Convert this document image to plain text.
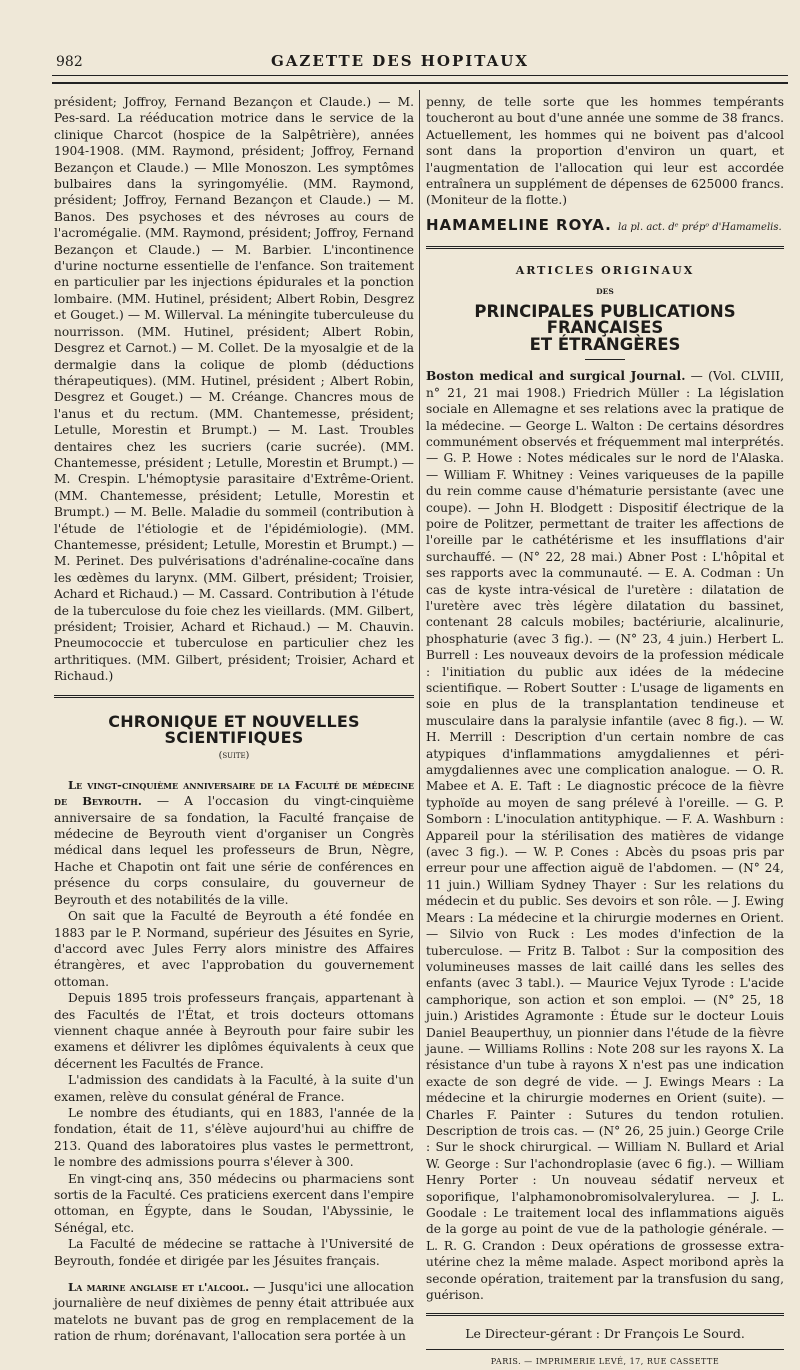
982	GAZETTE DES HOPITAUX

président; Joffroy, Fernand Bezançon et Claude.) — M. Pes-sard. La rééducation motrice dans le service de la clinique Charcot (hospice de la Salpêtrière), années 1904-1908. (MM. Raymond, président; Joffroy, Fernand Bezançon et Claude.) — Mlle Monoszon. Les symptômes bulbaires dans la syringomyélie. (MM. Raymond, président; Joffroy, Fernand Bezançon et Claude.) — M. Banos. Des psychoses et des névroses au cours de l'acromégalie. (MM. Raymond, président; Joffroy, Fernand Bezançon et Claude.) — M. Barbier. L'incontinence d'urine nocturne essentielle de l'enfance. Son traitement en particulier par les injections épidurales et la ponction lombaire. (MM. Hutinel, président; Albert Robin, Desgrez et Gouget.) — M. Willerval. La méningite tuberculeuse du nourrisson. (MM. Hutinel, président; Albert Robin, Desgrez et Carnot.) — M. Collet. De la myosalgie et de la dermalgie dans la colique de plomb (déductions thérapeutiques). (MM. Hutinel, président ; Albert Robin, Desgrez et Gouget.) — M. Créange. Chancres mous de l'anus et du rectum. (MM. Chantemesse, président; Letulle, Morestin et Brumpt.) — M. Last. Troubles dentaires chez les sucriers (carie sucrée). (MM. Chantemesse, président ; Letulle, Morestin et Brumpt.) — M. Crespin. L'hémoptysie parasitaire d'Extrême-Orient. (MM. Chantemesse, président; Letulle, Morestin et Brumpt.) — M. Belle. Maladie du sommeil (contribution à l'étude de l'étiologie et de l'épidémiologie). (MM. Chantemesse, président; Letulle, Morestin et Brumpt.) — M. Perinet. Des pulvérisations d'adrénaline-cocaïne dans les œdèmes du larynx. (MM. Gilbert, président; Troisier, Achard et Richaud.) — M. Cassard. Contribution à l'étude de la tuberculose du foie chez les vieillards. (MM. Gilbert, président; Troisier, Achard et Richaud.) — M. Chauvin. Pneumococcie et tuberculose en particulier chez les arthritiques. (MM. Gilbert, président; Troisier, Achard et Richaud.)

CHRONIQUE ET NOUVELLES SCIENTIFIQUES
(suite)

Le vingt-cinquième anniversaire de la Faculté de médecine de Beyrouth. — A l'occasion du vingt-cinquième anniversaire de sa fondation, la Faculté française de médecine de Beyrouth vient d'organiser un Congrès médical dans lequel les professeurs de Brun, Nègre, Hache et Chapotin ont fait une série de conférences en présence du corps consulaire, du gouverneur de Beyrouth et des notabilités de la ville.

On sait que la Faculté de Beyrouth a été fondée en 1883 par le P. Normand, supérieur des Jésuites en Syrie, d'accord avec Jules Ferry alors ministre des Affaires étrangères, et avec l'approbation du gouvernement ottoman.

Depuis 1895 trois professeurs français, appartenant à des Facultés de l'État, et trois docteurs ottomans viennent chaque année à Beyrouth pour faire subir les examens et délivrer les diplômes équivalents à ceux que décernent les Facultés de France.

L'admission des candidats à la Faculté, à la suite d'un examen, relève du consulat général de France.

Le nombre des étudiants, qui en 1883, l'année de la fondation, était de 11, s'élève aujourd'hui au chiffre de 213. Quand des laboratoires plus vastes le permettront, le nombre des admissions pourra s'élever à 300.

En vingt-cinq ans, 350 médecins ou pharmaciens sont sortis de la Faculté. Ces praticiens exercent dans l'empire ottoman, en Égypte, dans le Soudan, l'Abyssinie, le Sénégal, etc.

La Faculté de médecine se rattache à l'Université de Beyrouth, fondée et dirigée par les Jésuites français.

La marine anglaise et l'alcool. — Jusqu'ici une allocation journalière de neuf dixièmes de penny était attribuée aux matelots ne buvant pas de grog en remplacement de la ration de rhum; dorénavant, l'allocation sera portée à un

penny, de telle sorte que les hommes tempérants toucheront au bout d'une année une somme de 38 francs. Actuellement, les hommes qui ne boivent pas d'alcool sont dans la proportion d'environ un quart, et l'augmentation de l'allocation qui leur est accordée entraînera un supplément de dépenses de 625000 francs. (Moniteur de la flotte.)

HAMAMELINE ROYA. la pl. act. dᵉ prépᵒ d'Hamamelis.
ARTICLES ORIGINAUX
DES
PRINCIPALES PUBLICATIONS FRANÇAISES
ET ÉTRANGÈRES

Boston medical and surgical Journal. — (Vol. CLVIII, n° 21, 21 mai 1908.) Friedrich Müller : La législation sociale en Allemagne et ses relations avec la pratique de la médecine. — George L. Walton : De certains désordres communément observés et fréquemment mal interprétés. — G. P. Howe : Notes médicales sur le nord de l'Alaska. — William F. Whitney : Veines variqueuses de la papille du rein comme cause d'hématurie persistante (avec une coupe). — John H. Blodgett : Dispositif électrique de la poire de Politzer, permettant de traiter les affections de l'oreille par le cathétérisme et les insufflations d'air surchauffé. — (N° 22, 28 mai.) Abner Post : L'hôpital et ses rapports avec la communauté. — E. A. Codman : Un cas de kyste intra-vésical de l'uretère : dilatation de l'uretère avec très légère dilatation du bassinet, contenant 28 calculs mobiles; bactériurie, alcalinurie, phosphaturie (avec 3 fig.). — (N° 23, 4 juin.) Herbert L. Burrell : Les nouveaux devoirs de la profession médicale : l'initiation du public aux idées de la médecine scientifique. — Robert Soutter : L'usage de ligaments en soie en plus de la transplantation tendineuse et musculaire dans la paralysie infantile (avec 8 fig.). — W. H. Merrill : Description d'un certain nombre de cas atypiques d'inflammations amygdaliennes et péri-amygdaliennes avec une complication analogue. — O. R. Mabee et A. E. Taft : Le diagnostic précoce de la fièvre typhoïde au moyen de sang prélevé à l'oreille. — G. P. Somborn : L'inoculation antityphique. — F. A. Washburn : Appareil pour la stérilisation des matières de vidange (avec 3 fig.). — W. P. Cones : Abcès du psoas pris par erreur pour une affection aiguë de l'abdomen. — (N° 24, 11 juin.) William Sydney Thayer : Sur les relations du médecin et du public. Ses devoirs et son rôle. — J. Ewing Mears : La médecine et la chirurgie modernes en Orient. — Silvio von Ruck : Les modes d'infection de la tuberculose. — Fritz B. Talbot : Sur la composition des volumineuses masses de lait caillé dans les selles des enfants (avec 3 tabl.). — Maurice Vejux Tyrode : L'acide camphorique, son action et son emploi. — (N° 25, 18 juin.) Aristides Agramonte : Étude sur le docteur Louis Daniel Beauperthuy, un pionnier dans l'étude de la fièvre jaune. — Williams Rollins : Note 208 sur les rayons X. La résistance d'un tube à rayons X n'est pas une indication exacte de son degré de vide. — J. Ewings Mears : La médecine et la chirurgie modernes en Orient (suite). — Charles F. Painter : Sutures du tendon rotulien. Description de trois cas. — (N° 26, 25 juin.) George Crile : Sur le shock chirurgical. — William N. Bullard et Arial W. George : Sur l'achondroplasie (avec 6 fig.). — William Henry Porter : Un nouveau sédatif nerveux et soporifique, l'alphamonobromisolvalerylurea. — J. L. Goodale : Le traitement local des inflammations aiguës de la gorge au point de vue de la pathologie générale. — L. R. G. Crandon : Deux opérations de grossesse extra-utérine chez la même malade. Aspect moribond après la seconde opération, traitement par la transfusion du sang, guérison.

Le Directeur-gérant : Dr François Le Sourd.
PARIS. — IMPRIMERIE LEVÉ, 17, RUE CASSETTE
